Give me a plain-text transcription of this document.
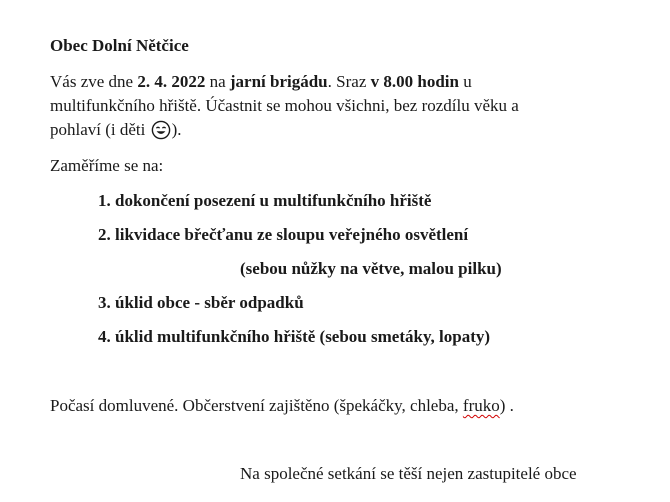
Obec Dolní Nětčice
Vás zve dne 2. 4. 2022 na jarní brigádu. Sraz v 8.00 hodin u
multifunkčního hřiště. Účastnit se mohou všichni, bez rozdílu věku a
pohlaví (i děti ).
Zaměříme se na:
1. dokončení posezení u multifunkčního hřiště
2. likvidace břečťanu ze sloupu veřejného osvětlení
(sebou nůžky na větve, malou pilku)
3. úklid obce - sběr odpadků
4. úklid multifunkčního hřiště (sebou smetáky, lopaty)
Počasí domluvené. Občerstvení zajištěno (špekáčky, chleba, fruko) .
Na společné setkání se těší nejen zastupitelé obce
